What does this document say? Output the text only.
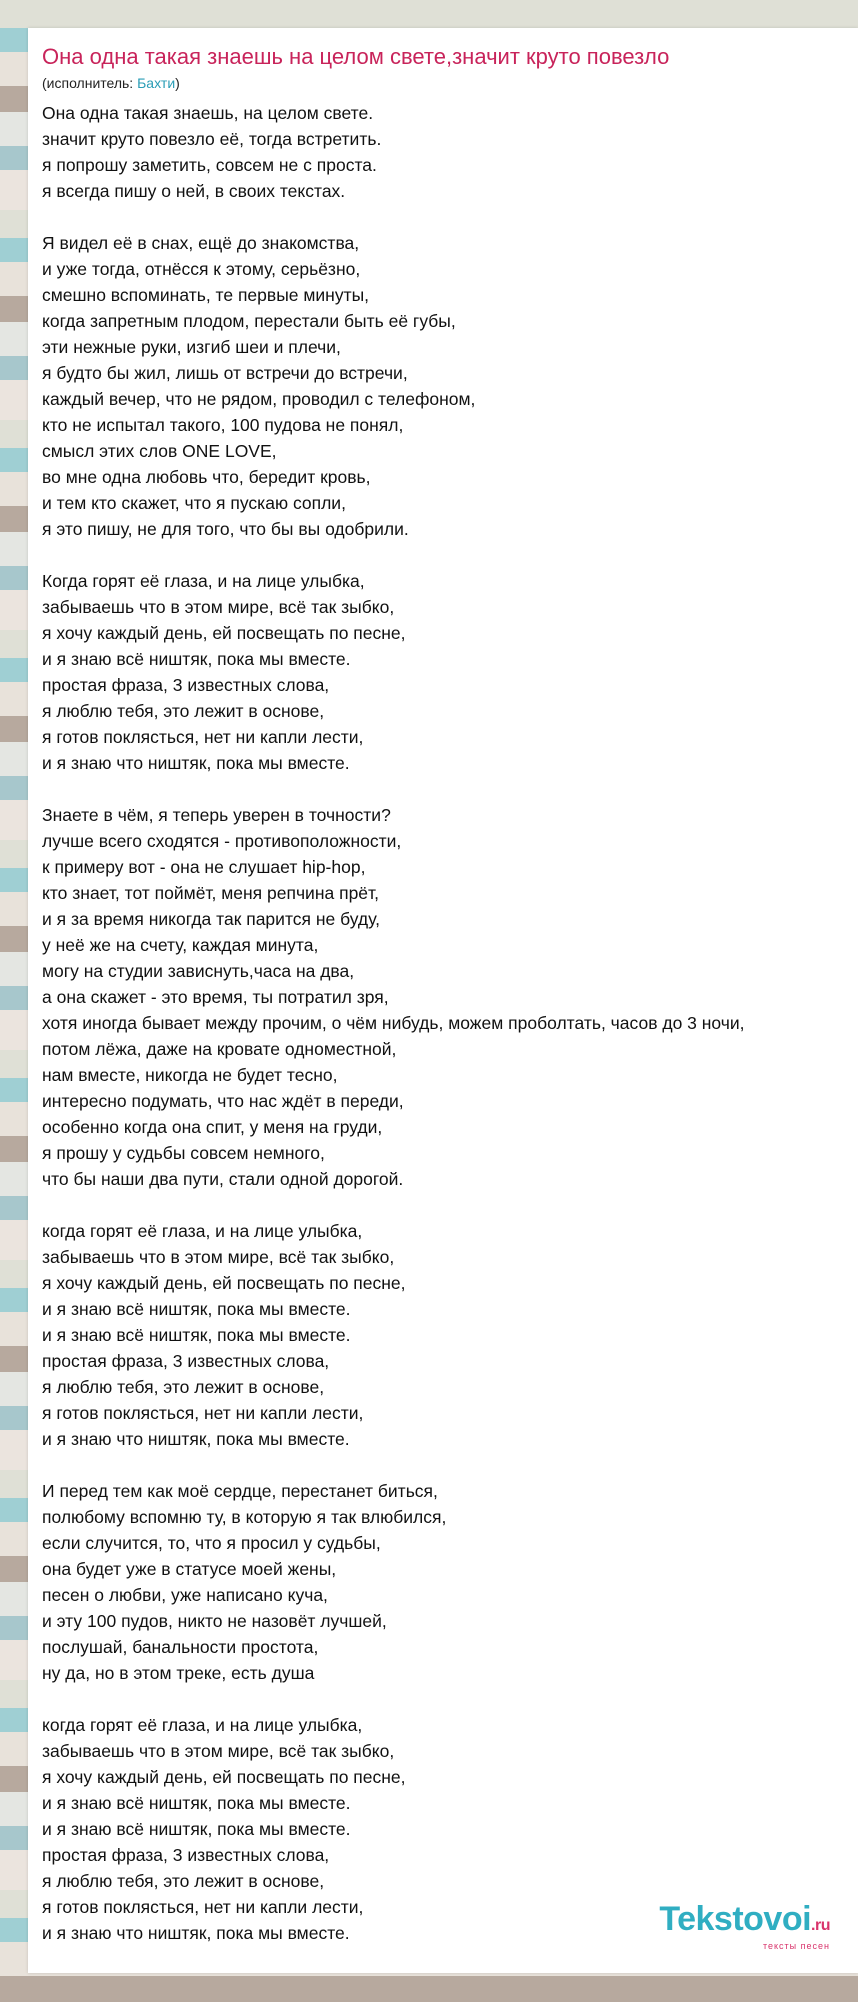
Она одна такая знаешь на целом свете,значит круто повезло
(исполнитель: Бахти)
Она одна такая знаешь, на целом свете.
значит круто повезло её, тогда встретить.
я попрошу заметить, совсем не с проста.
я всегда пишу о ней, в своих текстах.
Я видел её в снах, ещё до знакомства,
и уже тогда, отнёсся к этому, серьёзно,
смешно вспоминать, те первые минуты,
когда запретным плодом, перестали быть её губы,
эти нежные руки, изгиб шеи и плечи,
я будто бы жил, лишь от встречи до встречи,
каждый вечер, что не рядом, проводил с телефоном,
кто не испытал такого, 100 пудова не понял,
смысл этих слов ONE LOVE,
во мне одна любовь что, бередит кровь,
и тем кто скажет, что я пускаю сопли,
я это пишу, не для того, что бы вы одобрили.
Когда горят её глаза, и на лице улыбка,
забываешь что в этом мире, всё так зыбко,
я хочу каждый день, ей посвещать по песне,
и я знаю всё ништяк, пока мы вместе.
простая фраза, 3 известных слова,
я люблю тебя, это лежит в основе,
я готов поклясться, нет ни капли лести,
и я знаю что ништяк, пока мы вместе.
Знаете в чём, я теперь уверен в точности?
лучше всего сходятся - противоположности,
к примеру вот - она не слушает hip-hop,
кто знает, тот поймёт, меня репчина прёт,
и я за время никогда так парится не буду,
у неё же на счету, каждая минута,
могу на студии зависнуть,часа на два,
а она скажет - это время, ты потратил зря,
хотя иногда бывает между прочим, о чём нибудь, можем проболтать, часов до 3 ночи,
потом лёжа, даже на кровате одноместной,
нам вместе, никогда не будет тесно,
интересно подумать, что нас ждёт в переди,
особенно когда она спит, у меня на груди,
я прошу у судьбы совсем немного,
что бы наши два пути, стали одной дорогой.
когда горят её глаза, и на лице улыбка,
забываешь что в этом мире, всё так зыбко,
я хочу каждый день, ей посвещать по песне,
и я знаю всё ништяк, пока мы вместе.
и я знаю всё ништяк, пока мы вместе.
простая фраза, 3 известных слова,
я люблю тебя, это лежит в основе,
я готов поклясться, нет ни капли лести,
и я знаю что ништяк, пока мы вместе.
И перед тем как моё сердце, перестанет биться,
полюбому вспомню ту, в которую я так влюбился,
если случится, то, что я просил у судьбы,
она будет уже в статусе моей жены,
песен о любви, уже написано куча,
и эту 100 пудов, никто не назовёт лучшей,
послушай, банальности простота,
ну да, но в этом треке, есть душа
когда горят её глаза, и на лице улыбка,
забываешь что в этом мире, всё так зыбко,
я хочу каждый день, ей посвещать по песне,
и я знаю всё ништяк, пока мы вместе.
и я знаю всё ништяк, пока мы вместе.
простая фраза, 3 известных слова,
я люблю тебя, это лежит в основе,
я готов поклясться, нет ни капли лести,
и я знаю что ништяк, пока мы вместе.	Tekstovoi.ru
тексты песен
